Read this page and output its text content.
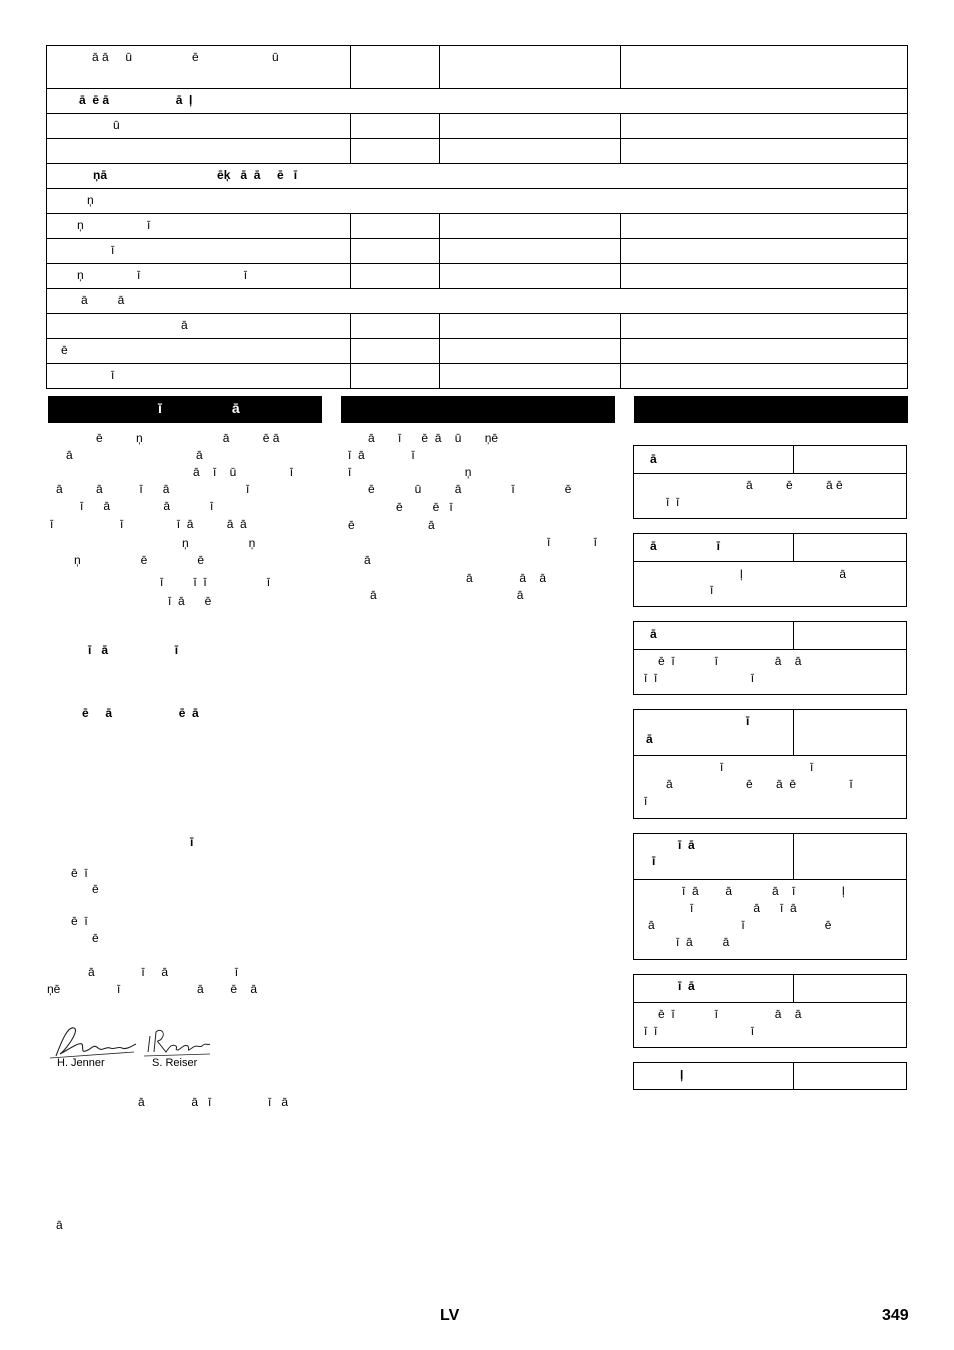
ā ā     ū                  ē                      ū			

ā  ē ā                    ā  ļ			

ū			

ņā                                 ēķ   ā  ā     ē   ī			

ņ			

ņ                   ī			

ī			

ņ                ī                               ī			

ā         ā			

ā			

ē			

ī			

ī                  ā
ē          ņ                        ā          ē ā
ā                                     ā
ā    ī    ū                ī
ā          ā           ī      ā                       ī
ī      ā                ā            ī
ī                    ī                ī  ā          ā  ā
ņ                  ņ
ņ                  ē               ē
ī         ī  ī                  ī
ī  ā      ē
ī   ā                    ī
ē     ā                    ē  ā
ī
ē  ī
ē
ē  ī
ē
ā              ī     ā                    ī
ņē                 ī                       ā        ē    ā
H. Jenner	S. Reiser
ā              ā   ī                 ī   ā
ā
ā       ī      ē  ā    ū       ņē
ī  ā              ī
ī                                  ņ
ē            ū          ā               ī               ē
ē         ē   ī
ē                      ā
ī             ī
ā
ā              ā    ā
ā                                          ā
ā
ā          ē          ā ē
ī  ī
ā                  ī
ļ                             ā
ī
ā
ē  ī            ī                 ā    ā
ī  ī                            ī
ī
ā
ī                          ī
ā                      ē       ā  ē                ī
ī
ī  ā
ī
ī  ā        ā            ā    ī              ļ
ī                  ā      ī  ā
ā                          ī                        ē
ī  ā         ā
ī  ā
ē  ī            ī                 ā    ā
ī  ī                            ī
ļ
LV	349
